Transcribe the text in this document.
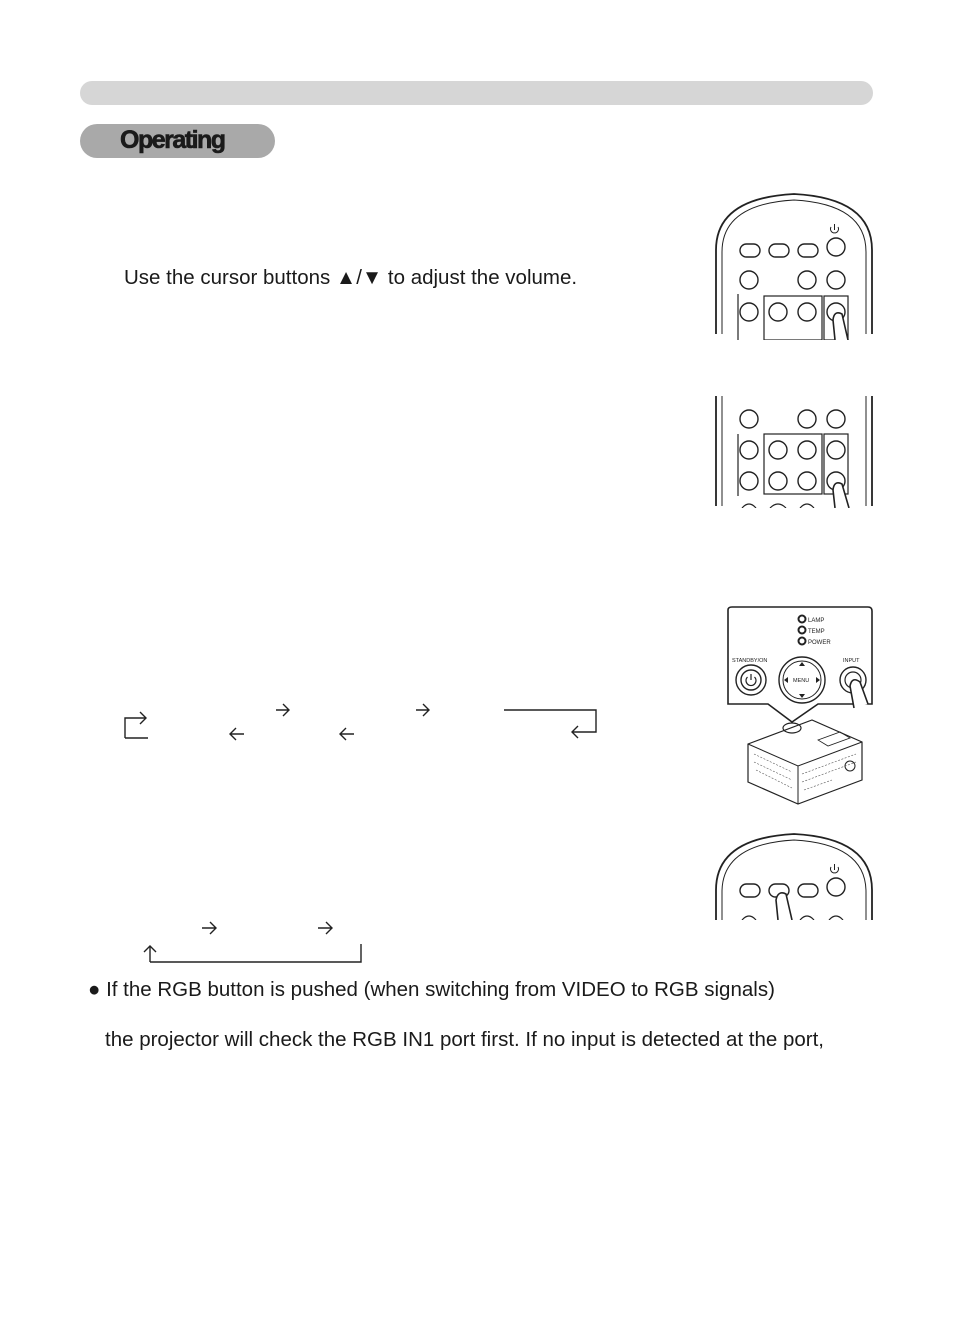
Operating
Use the cursor buttons ▲/▼ to adjust the volume.
LAMP
TEMP
POWER
STANDBY/ON	INPUT
MENU
● If the RGB button is pushed (when switching from VIDEO to RGB signals)
the projector will check the RGB IN1 port first. If no input is detected at the port,
